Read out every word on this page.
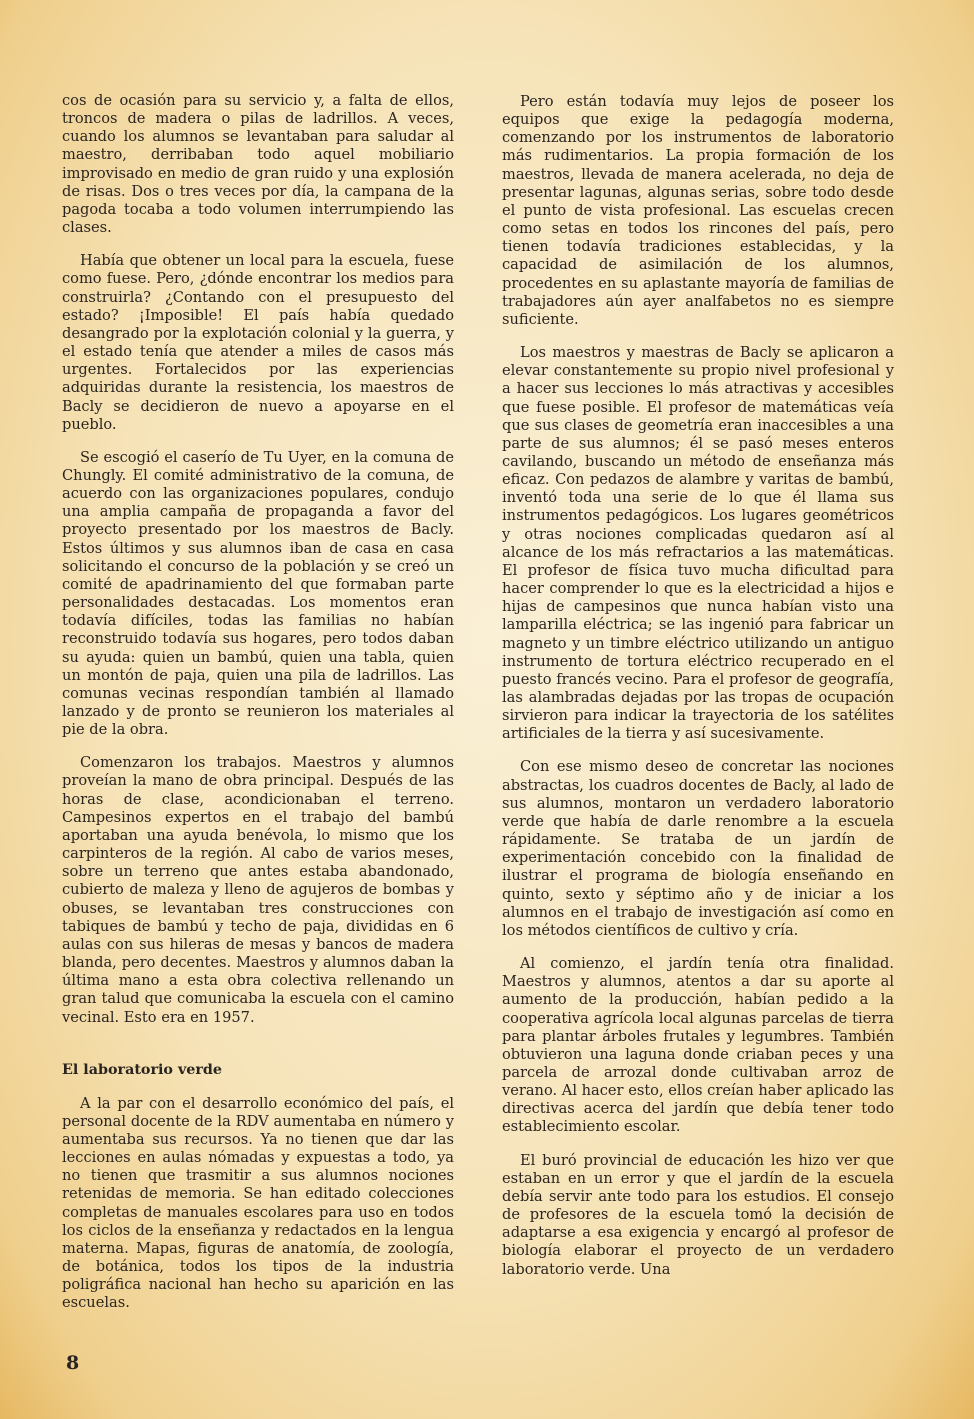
cos de ocasión para su servicio y, a falta de ellos, troncos de madera o pilas de ladrillos. A veces, cuando los alumnos se levantaban para saludar al maestro, derribaban todo aquel mobiliario improvisado en medio de gran ruido y una explosión de risas. Dos o tres veces por día, la campana de la pagoda tocaba a todo volumen interrumpiendo las clases.

Había que obtener un local para la escuela, fuese como fuese. Pero, ¿dónde encontrar los medios para construirla? ¿Contando con el presupuesto del estado? ¡Imposible! El país había quedado desangrado por la explotación colonial y la guerra, y el estado tenía que atender a miles de casos más urgentes. Fortalecidos por las experiencias adquiridas durante la resistencia, los maestros de Bacly se decidieron de nuevo a apoyarse en el pueblo.

Se escogió el caserío de Tu Uyer, en la comuna de Chungly. El comité administrativo de la comuna, de acuerdo con las organizaciones populares, condujo una amplia campaña de propaganda a favor del proyecto presentado por los maestros de Bacly. Estos últimos y sus alumnos iban de casa en casa solicitando el concurso de la población y se creó un comité de apadrinamiento del que formaban parte personalidades destacadas. Los momentos eran todavía difíciles, todas las familias no habían reconstruido todavía sus hogares, pero todos daban su ayuda: quien un bambú, quien una tabla, quien un montón de paja, quien una pila de ladrillos. Las comunas vecinas respondían también al llamado lanzado y de pronto se reunieron los materiales al pie de la obra.

Comenzaron los trabajos. Maestros y alumnos proveían la mano de obra principal. Después de las horas de clase, acondicionaban el terreno. Campesinos expertos en el trabajo del bambú aportaban una ayuda benévola, lo mismo que los carpinteros de la región. Al cabo de varios meses, sobre un terreno que antes estaba abandonado, cubierto de maleza y lleno de agujeros de bombas y obuses, se levantaban tres construcciones con tabiques de bambú y techo de paja, divididas en 6 aulas con sus hileras de mesas y bancos de madera blanda, pero decentes. Maestros y alumnos daban la última mano a esta obra colectiva rellenando un gran talud que comunicaba la escuela con el camino vecinal. Esto era en 1957.

El laboratorio verde

A la par con el desarrollo económico del país, el personal docente de la RDV aumentaba en número y aumentaba sus recursos. Ya no tienen que dar las lecciones en aulas nómadas y expuestas a todo, ya no tienen que trasmitir a sus alumnos nociones retenidas de memoria. Se han editado colecciones completas de manuales escolares para uso en todos los ciclos de la enseñanza y redactados en la lengua materna. Mapas, figuras de anatomía, de zoología, de botánica, todos los tipos de la industria poligráfica nacional han hecho su aparición en las escuelas.

Pero están todavía muy lejos de poseer los equipos que exige la pedagogía moderna, comenzando por los instrumentos de laboratorio más rudimentarios. La propia formación de los maestros, llevada de manera acelerada, no deja de presentar lagunas, algunas serias, sobre todo desde el punto de vista profesional. Las escuelas crecen como setas en todos los rincones del país, pero tienen todavía tradiciones establecidas, y la capacidad de asimilación de los alumnos, procedentes en su aplastante mayoría de familias de trabajadores aún ayer analfabetos no es siempre suficiente.

Los maestros y maestras de Bacly se aplicaron a elevar constantemente su propio nivel profesional y a hacer sus lecciones lo más atractivas y accesibles que fuese posible. El profesor de matemáticas veía que sus clases de geometría eran inaccesibles a una parte de sus alumnos; él se pasó meses enteros cavilando, buscando un método de enseñanza más eficaz. Con pedazos de alambre y varitas de bambú, inventó toda una serie de lo que él llama sus instrumentos pedagógicos. Los lugares geométricos y otras nociones complicadas quedaron así al alcance de los más refractarios a las matemáticas. El profesor de física tuvo mucha dificultad para hacer comprender lo que es la electricidad a hijos e hijas de campesinos que nunca habían visto una lamparilla eléctrica; se las ingenió para fabricar un magneto y un timbre eléctrico utilizando un antiguo instrumento de tortura eléctrico recuperado en el puesto francés vecino. Para el profesor de geografía, las alambradas dejadas por las tropas de ocupación sirvieron para indicar la trayectoria de los satélites artificiales de la tierra y así sucesivamente.

Con ese mismo deseo de concretar las nociones abstractas, los cuadros docentes de Bacly, al lado de sus alumnos, montaron un verdadero laboratorio verde que había de darle renombre a la escuela rápidamente. Se trataba de un jardín de experimentación concebido con la finalidad de ilustrar el programa de biología enseñando en quinto, sexto y séptimo año y de iniciar a los alumnos en el trabajo de investigación así como en los métodos científicos de cultivo y cría.

Al comienzo, el jardín tenía otra finalidad. Maestros y alumnos, atentos a dar su aporte al aumento de la producción, habían pedido a la cooperativa agrícola local algunas parcelas de tierra para plantar árboles frutales y legumbres. También obtuvieron una laguna donde criaban peces y una parcela de arrozal donde cultivaban arroz de verano. Al hacer esto, ellos creían haber aplicado las directivas acerca del jardín que debía tener todo establecimiento escolar.

El buró provincial de educación les hizo ver que estaban en un error y que el jardín de la escuela debía servir ante todo para los estudios. El consejo de profesores de la escuela tomó la decisión de adaptarse a esa exigencia y encargó al profesor de biología elaborar el proyecto de un verdadero laboratorio verde. Una

8
